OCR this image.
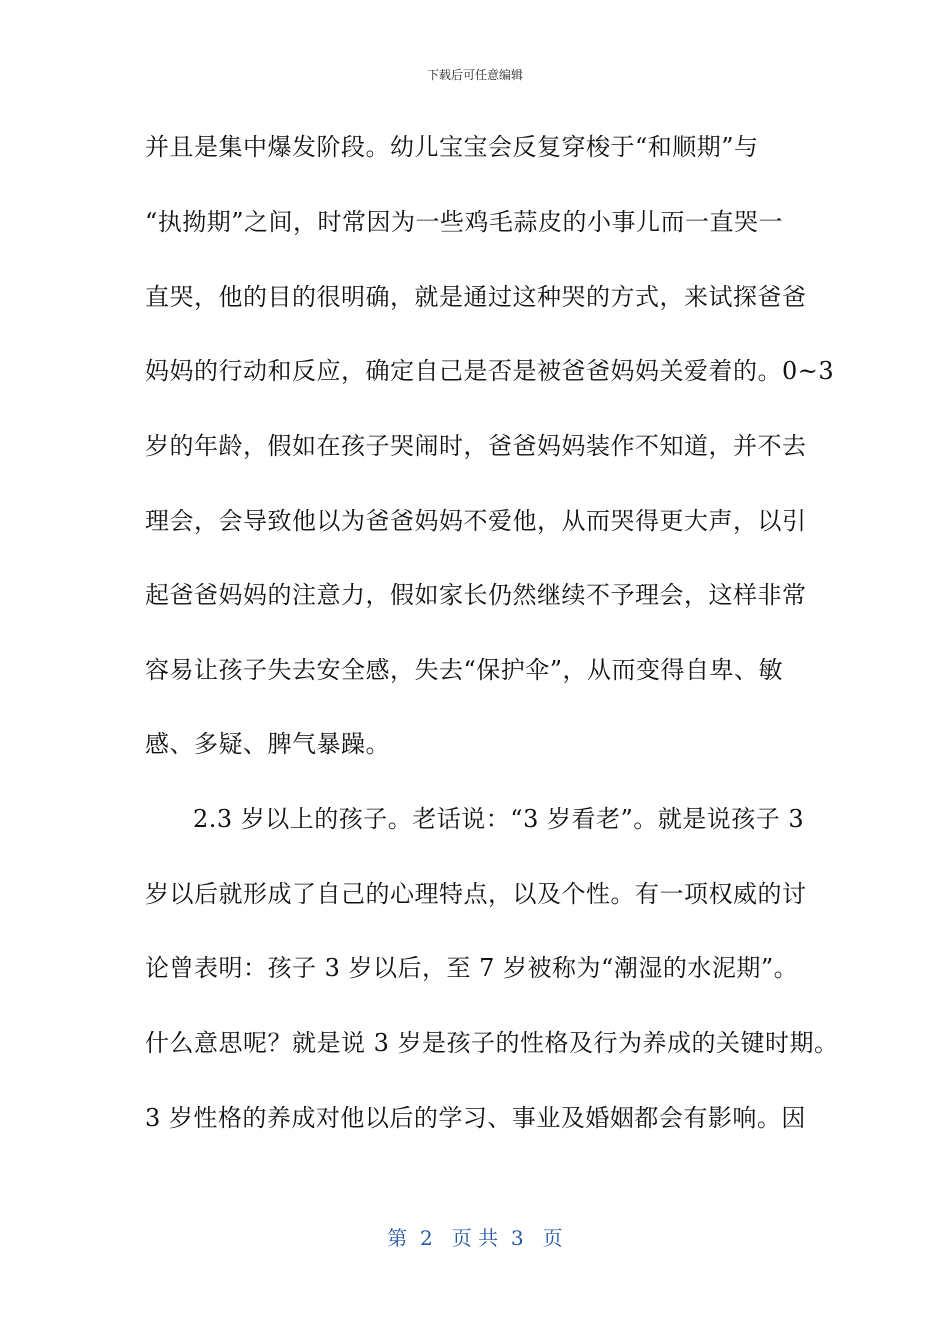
下载后可任意编辑
并且是集中爆发阶段。幼儿宝宝会反复穿梭于“和顺期”与
“执拗期”之间，时常因为一些鸡毛蒜皮的小事儿而一直哭一
直哭，他的目的很明确，就是通过这种哭的方式，来试探爸爸
妈妈的行动和反应，确定自己是否是被爸爸妈妈关爱着的。0~3
岁的年龄，假如在孩子哭闹时，爸爸妈妈装作不知道，并不去
理会，会导致他以为爸爸妈妈不爱他，从而哭得更大声，以引
起爸爸妈妈的注意力，假如家长仍然继续不予理会，这样非常
容易让孩子失去安全感，失去“保护伞”，从而变得自卑、敏
感、多疑、脾气暴躁。
2.3 岁以上的孩子。老话说：“3 岁看老”。就是说孩子 3
岁以后就形成了自己的心理特点，以及个性。有一项权威的讨
论曾表明：孩子 3 岁以后，至 7 岁被称为“潮湿的水泥期”。
什么意思呢？就是说 3 岁是孩子的性格及行为养成的关键时期。
3 岁性格的养成对他以后的学习、事业及婚姻都会有影响。因
第  2   页 共  3   页
